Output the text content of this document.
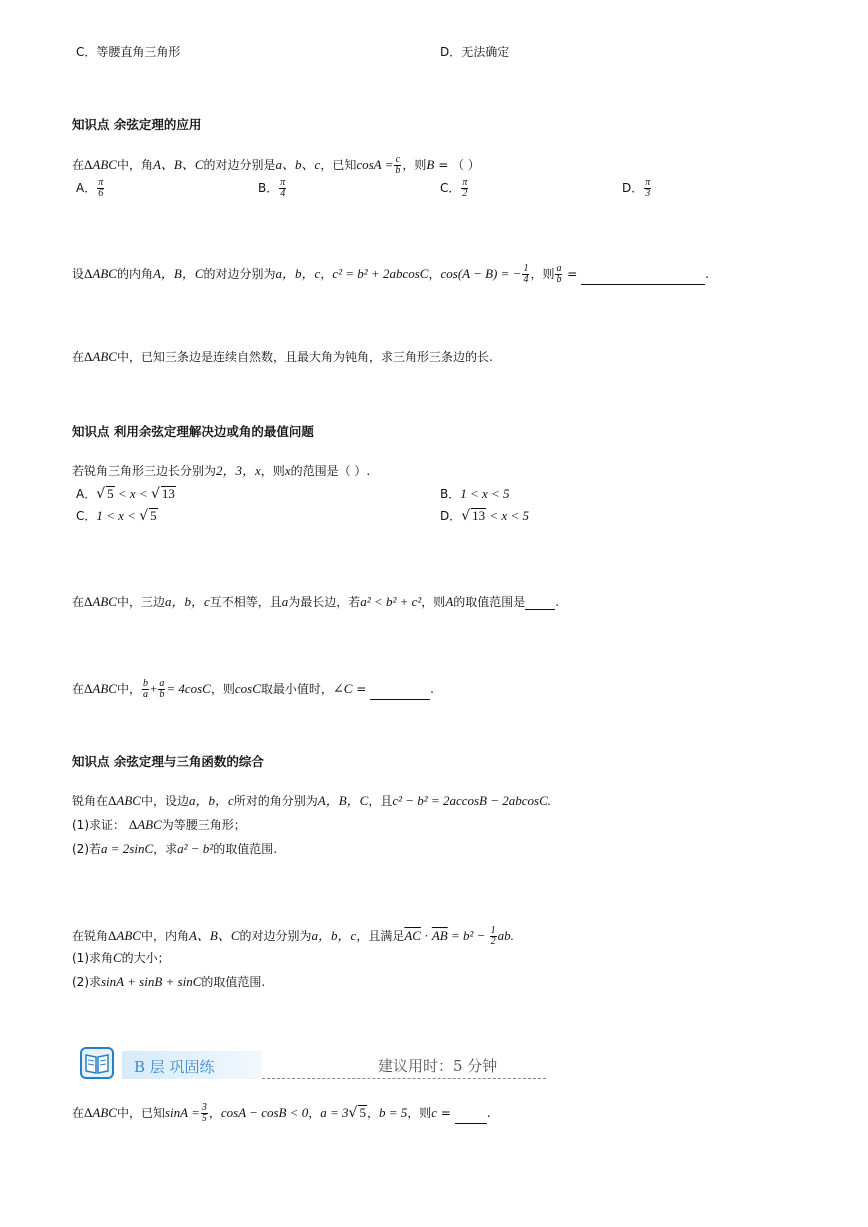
C．等腰直角三角形	D．无法确定
知识点 余弦定理的应用
在ΔABC中，角A、B、C的对边分别是a、b、c，已知$\cos A = \frac{c}{b}$ ，则B = （ ）
A． $\frac{\pi}{6}$	B． $\frac{\pi}{4}$	C． $\frac{\pi}{2}$	D． $\frac{\pi}{3}$
设ΔABC的内角A，B，C的对边分别为a，b，c，c² = b² + 2abcosC，cos(A − B) = − $\frac{1}{4}$ ，则 $\frac{a}{b}$ =	.
在ΔABC中，已知三条边是连续自然数，且最大角为钝角，求三角形三条边的长.
知识点 利用余弦定理解决边或角的最值问题
若锐角三角形三边长分别为2，3，x，则x的范围是（ ）.
A．√ 5 < x < √ 13	B．1 < x < 5
C．1 < x < √ 5	D．√ 13 < x < 5
在ΔABC中，三边a，b，c互不相等，且a为最长边，若a² < b² + c²，则A的取值范围是	.
在ΔABC中， $\frac{b}{a} + \frac{a}{b} = 4\cos C$，则cosC取最小值时，∠C =	.
知识点 余弦定理与三角函数的综合
锐角在ΔABC中，设边a，b，c所对的角分别为A，B，C，且c² − b² = 2accosB − 2abcosC.
(1)求证： ΔABC为等腰三角形；
(2)若a = 2sinC，求a² − b²的取值范围.
在锐角ΔABC中，内角A、B、C的对边分别为a，b，c，且满足$\overline{AC} \cdot \overline{AB} = b^2 - \frac{1}{2}$ ab.
(1)求角C的大小；
(2)求sinA + sinB + sinC的取值范围.
B 层 巩固练	建议用时：5 分钟
在ΔABC中，已知$\sin A = \frac{3}{5}$ ，cosA − cosB < 0，a = 3√ 5，b = 5，则c =	.
